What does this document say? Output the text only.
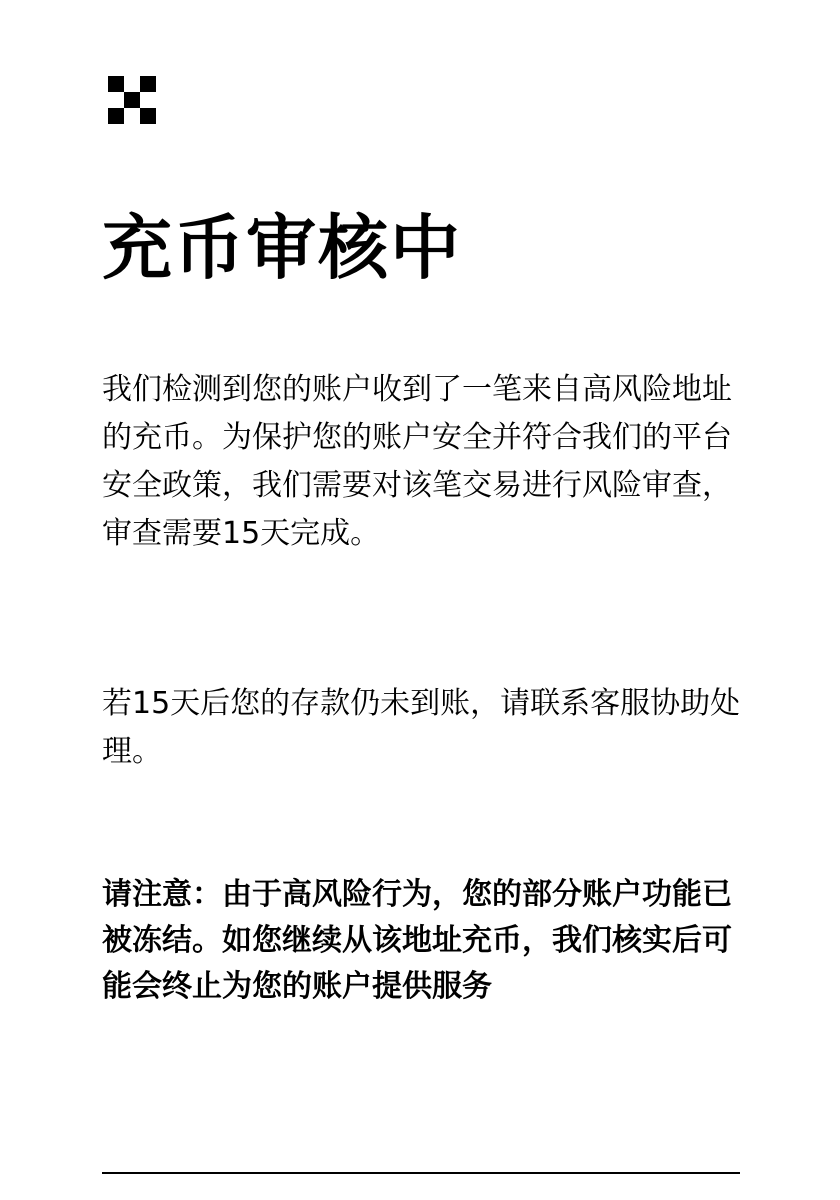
充币审核中

我们检测到您的账户收到了一笔来自高风险地址的充币。为保护您的账户安全并符合我们的平台安全政策，我们需要对该笔交易进行风险审查，审查需要15天完成。

若15天后您的存款仍未到账，请联系客服协助处理。

请注意：由于高风险行为，您的部分账户功能已被冻结。如您继续从该地址充币，我们核实后可能会终止为您的账户提供服务
